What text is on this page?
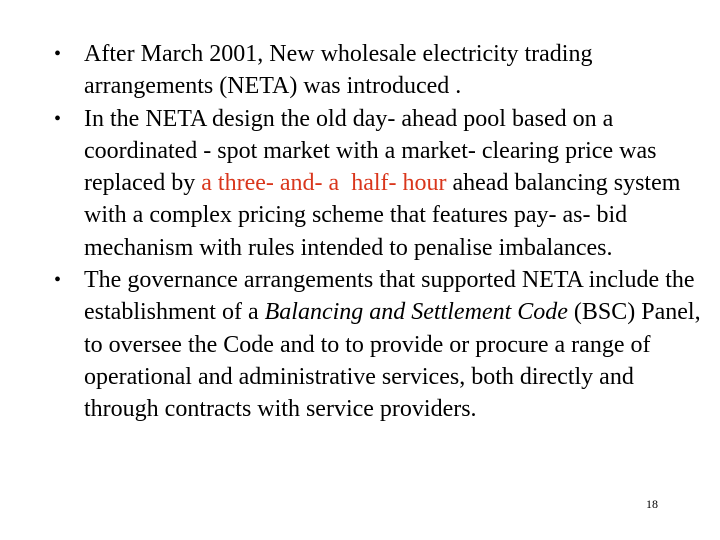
• After March 2001, New wholesale electricity trading arrangements (NETA) was introduced .
• In the NETA design the old day- ahead pool based on a coordinated - spot market with a market- clearing price was replaced by a three- and- a  half- hour ahead balancing system with a complex pricing scheme that features pay- as- bid mechanism with rules intended to penalise imbalances.
• The governance arrangements that supported NETA include the establishment of a Balancing and Settlement Code (BSC) Panel, to oversee the Code and to to provide or procure a range of operational and administrative services, both directly and through contracts with service providers.
18
